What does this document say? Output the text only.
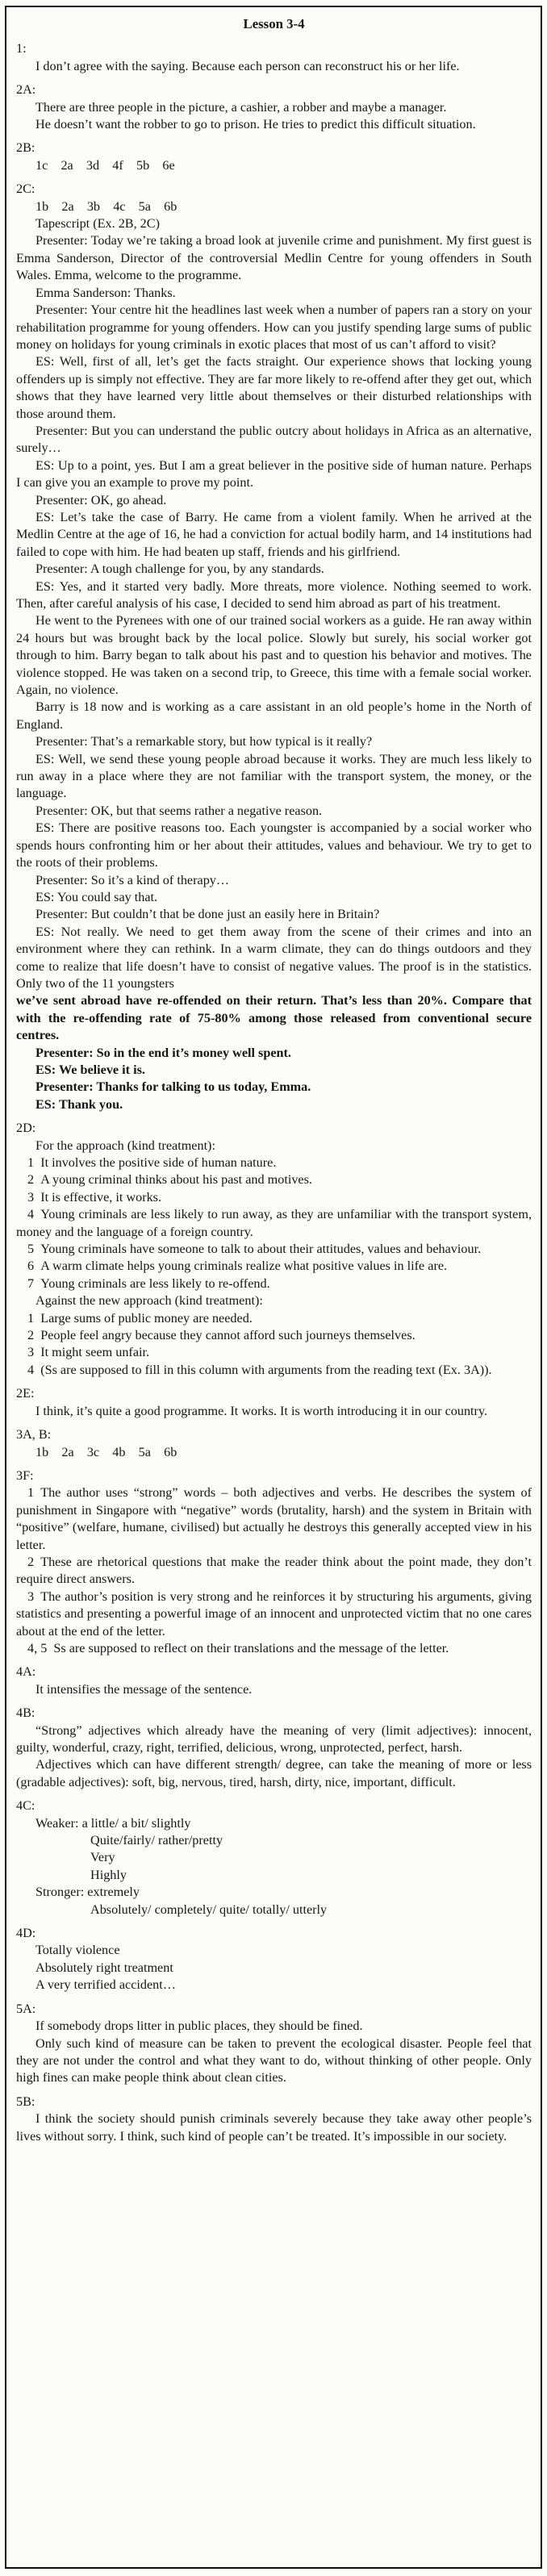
Lesson 3-4

1:

I don’t agree with the saying. Because each person can reconstruct his or her life.

2A:

There are three people in the picture, a cashier, a robber and maybe a manager.

He doesn’t want the robber to go to prison. He tries to predict this difficult situation.

2B:

1c 2a 3d 4f 5b 6e

2C:

1b 2a 3b 4c 5a 6b

Tapescript (Ex. 2B, 2C)

Presenter: Today we’re taking a broad look at juvenile crime and punishment. My first guest is Emma Sanderson, Director of the controversial Medlin Centre for young offenders in South Wales. Emma, welcome to the programme.

Emma Sanderson: Thanks.

Presenter: Your centre hit the headlines last week when a number of papers ran a story on your rehabilitation programme for young offenders. How can you justify spending large sums of public money on holidays for young criminals in exotic places that most of us can’t afford to visit?

ES: Well, first of all, let’s get the facts straight. Our experience shows that locking young offenders up is simply not effective. They are far more likely to re-offend after they get out, which shows that they have learned very little about themselves or their disturbed relationships with those around them.

Presenter: But you can understand the public outcry about holidays in Africa as an alternative, surely…

ES: Up to a point, yes. But I am a great believer in the positive side of human nature. Perhaps I can give you an example to prove my point.

Presenter: OK, go ahead.

ES: Let’s take the case of Barry. He came from a violent family. When he arrived at the Medlin Centre at the age of 16, he had a conviction for actual bodily harm, and 14 institutions had failed to cope with him. He had beaten up staff, friends and his girlfriend.

Presenter: A tough challenge for you, by any standards.

ES: Yes, and it started very badly. More threats, more violence. Nothing seemed to work. Then, after careful analysis of his case, I decided to send him abroad as part of his treatment.

He went to the Pyrenees with one of our trained social workers as a guide. He ran away within 24 hours but was brought back by the local police. Slowly but surely, his social worker got through to him. Barry began to talk about his past and to question his behavior and motives. The violence stopped. He was taken on a second trip, to Greece, this time with a female social worker. Again, no violence.

Barry is 18 now and is working as a care assistant in an old people’s home in the North of England.

Presenter: That’s a remarkable story, but how typical is it really?

ES: Well, we send these young people abroad because it works. They are much less likely to run away in a place where they are not familiar with the transport system, the money, or the language.

Presenter: OK, but that seems rather a negative reason.

ES: There are positive reasons too. Each youngster is accompanied by a social worker who spends hours confronting him or her about their attitudes, values and behaviour. We try to get to the roots of their problems.

Presenter: So it’s a kind of therapy…

ES: You could say that.

Presenter: But couldn’t that be done just an easily here in Britain?

ES: Not really. We need to get them away from the scene of their crimes and into an environment where they can rethink. In a warm climate, they can do things outdoors and they come to realize that life doesn’t have to consist of negative values. The proof is in the statistics. Only two of the 11 youngsters

we’ve sent abroad have re-offended on their return. That’s less than 20%. Compare that with the re-offending rate of 75-80% among those released from conventional secure centres.

Presenter: So in the end it’s money well spent.

ES: We believe it is.

Presenter: Thanks for talking to us today, Emma.

ES: Thank you.

2D:

For the approach (kind treatment):

1 It involves the positive side of human nature.

2 A young criminal thinks about his past and motives.

3 It is effective, it works.

4 Young criminals are less likely to run away, as they are unfamiliar with the transport system, money and the language of a foreign country.

5 Young criminals have someone to talk to about their attitudes, values and behaviour.

6 A warm climate helps young criminals realize what positive values in life are.

7 Young criminals are less likely to re-offend.

Against the new approach (kind treatment):

1 Large sums of public money are needed.

2 People feel angry because they cannot afford such journeys themselves.

3 It might seem unfair.

4 (Ss are supposed to fill in this column with arguments from the reading text (Ex. 3A)).

2E:

I think, it’s quite a good programme. It works. It is worth introducing it in our country.

3A, B:

1b 2a 3c 4b 5a 6b

3F:

1 The author uses “strong” words – both adjectives and verbs. He describes the system of punishment in Singapore with “negative” words (brutality, harsh) and the system in Britain with “positive” (welfare, humane, civilised) but actually he destroys this generally accepted view in his letter.

2 These are rhetorical questions that make the reader think about the point made, they don’t require direct answers.

3 The author’s position is very strong and he reinforces it by structuring his arguments, giving statistics and presenting a powerful image of an innocent and unprotected victim that no one cares about at the end of the letter.

4, 5 Ss are supposed to reflect on their translations and the message of the letter.

4A:

It intensifies the message of the sentence.

4B:

“Strong” adjectives which already have the meaning of very (limit adjectives): innocent, guilty, wonderful, crazy, right, terrified, delicious, wrong, unprotected, perfect, harsh.

Adjectives which can have different strength/ degree, can take the meaning of more or less (gradable adjectives): soft, big, nervous, tired, harsh, dirty, nice, important, difficult.

4C:

Weaker: a little/ a bit/ slightly

Quite/fairly/ rather/pretty

Very

Highly

Stronger: extremely

Absolutely/ completely/ quite/ totally/ utterly

4D:

Totally violence

Absolutely right treatment

A very terrified accident…

5A:

If somebody drops litter in public places, they should be fined.

Only such kind of measure can be taken to prevent the ecological disaster. People feel that they are not under the control and what they want to do, without thinking of other people. Only high fines can make people think about clean cities.

5B:

I think the society should punish criminals severely because they take away other people’s lives without sorry. I think, such kind of people can’t be treated. It’s impossible in our society.
